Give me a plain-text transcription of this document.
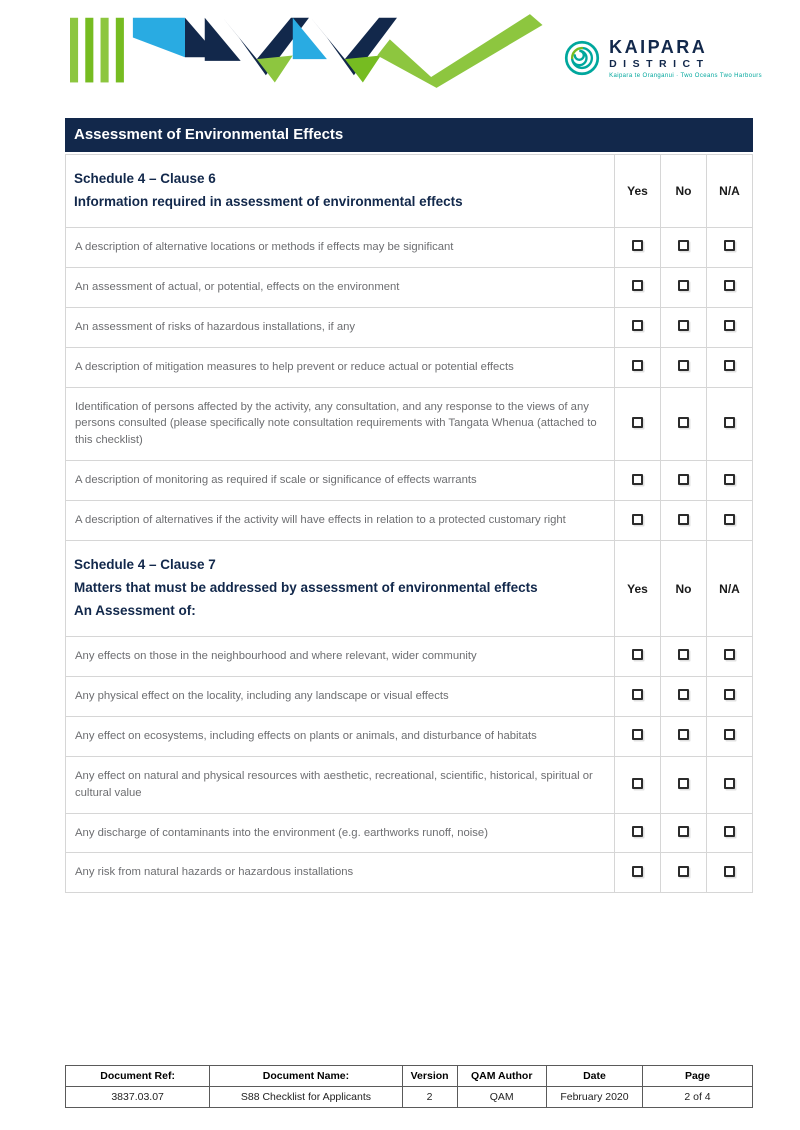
KAIPARA
DISTRICT
Kaipara te Oranganui · Two Oceans Two Harbours
Assessment of Environmental Effects
Schedule 4 – Clause 6
Information required in assessment of environmental effects	Yes	No	N/A
A description of alternative locations or methods if effects may be significant			
An assessment of actual, or potential, effects on the environment			
An assessment of risks of hazardous installations, if any			
A description of mitigation measures to help prevent or reduce actual or potential effects			
Identification of persons affected by the activity, any consultation, and any response to the views of any persons consulted (please specifically note consultation requirements with Tangata Whenua (attached to this checklist)			
A description of monitoring as required if scale or significance of effects warrants			
A description of alternatives if the activity will have effects in relation to a protected customary right			

Schedule 4 – Clause 7
Matters that must be addressed by assessment of environmental effects
An Assessment of:	Yes	No	N/A
Any effects on those in the neighbourhood and where relevant, wider community			
Any physical effect on the locality, including any landscape or visual effects			
Any effect on ecosystems, including effects on plants or animals, and disturbance of habitats			
Any effect on natural and physical resources with aesthetic, recreational, scientific, historical, spiritual or cultural value			
Any discharge of contaminants into the environment (e.g. earthworks runoff, noise)			
Any risk from natural hazards or hazardous installations			
Document Ref:	Document Name:	Version	QAM Author	Date	Page
3837.03.07	S88 Checklist for Applicants	2	QAM	February 2020	2 of 4
